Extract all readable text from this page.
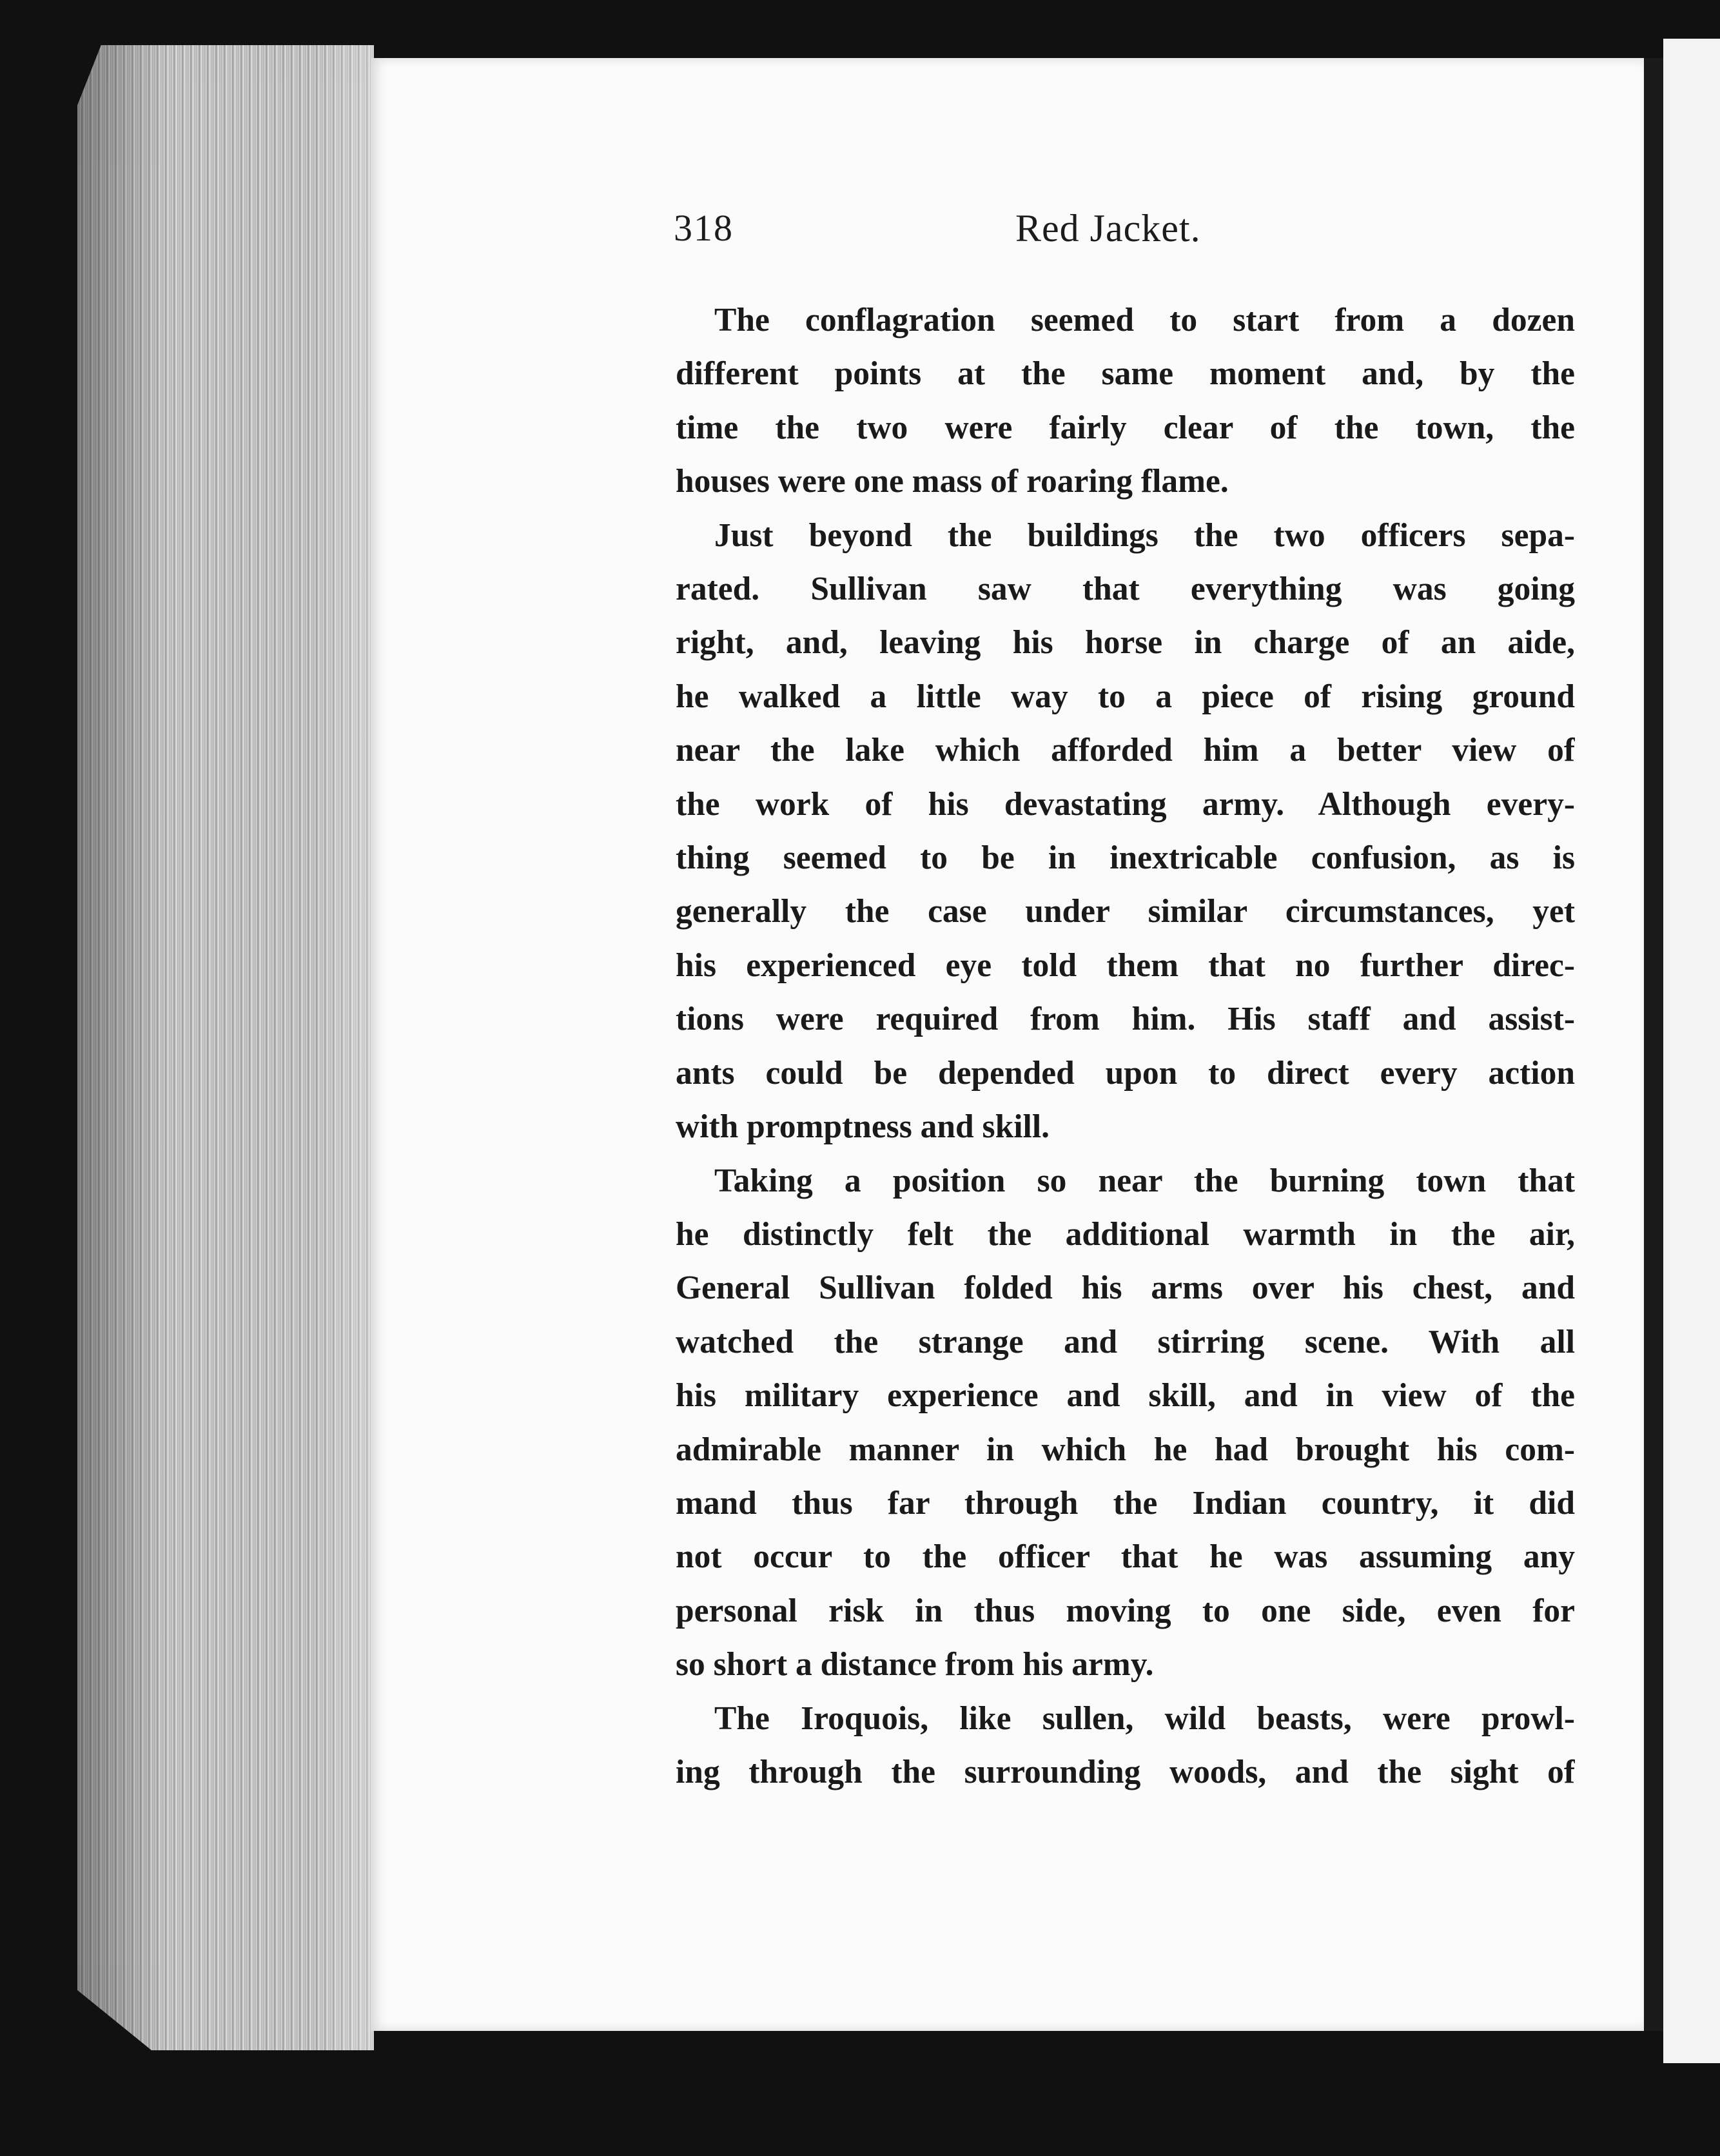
318	Red Jacket.

The conflagration seemed to start from a dozen
different points at the same moment and, by the
time the two were fairly clear of the town, the
houses were one mass of roaring flame.

Just beyond the buildings the two officers sepa-
rated. Sullivan saw that everything was going
right, and, leaving his horse in charge of an aide,
he walked a little way to a piece of rising ground
near the lake which afforded him a better view of
the work of his devastating army. Although every-
thing seemed to be in inextricable confusion, as is
generally the case under similar circumstances, yet
his experienced eye told them that no further direc-
tions were required from him. His staff and assist-
ants could be depended upon to direct every action
with promptness and skill.

Taking a position so near the burning town that
he distinctly felt the additional warmth in the air,
General Sullivan folded his arms over his chest, and
watched the strange and stirring scene. With all
his military experience and skill, and in view of the
admirable manner in which he had brought his com-
mand thus far through the Indian country, it did
not occur to the officer that he was assuming any
personal risk in thus moving to one side, even for
so short a distance from his army.

The Iroquois, like sullen, wild beasts, were prowl-
ing through the surrounding woods, and the sight of
